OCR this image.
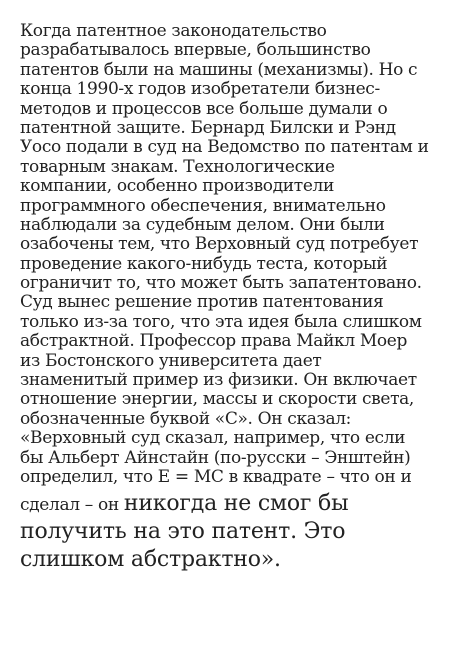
Когда патентное законодательство
разрабатывалось впервые, большинство
патентов были на машины (механизмы). Но с
конца 1990-х годов изобретатели бизнес-
методов и процессов все больше думали о
патентной защите. Бернард Билски и Рэнд
Уосо подали в суд на Ведомство по патентам и
товарным знакам. Технологические
компании, особенно производители
программного обеспечения, внимательно
наблюдали за судебным делом. Они были
озабочены тем, что Верховный суд потребует
проведение какого-нибудь теста, который
ограничит то, что может быть запатентовано.
Суд вынес решение против патентования
только из-за того, что эта идея была слишком
абстрактной. Профессор права Майкл Моер
из Бостонского университета дает
знаменитый пример из физики. Он включает
отношение энергии, массы и скорости света,
обозначенные буквой «С». Он сказал:
«Верховный суд сказал, например, что если
бы Альберт Айнстайн (по-русски – Энштейн)
определил, что Е = МС в квадрате – что он и
сделал – он никогда не смог бы
получить на это патент. Это
слишком абстрактно».
